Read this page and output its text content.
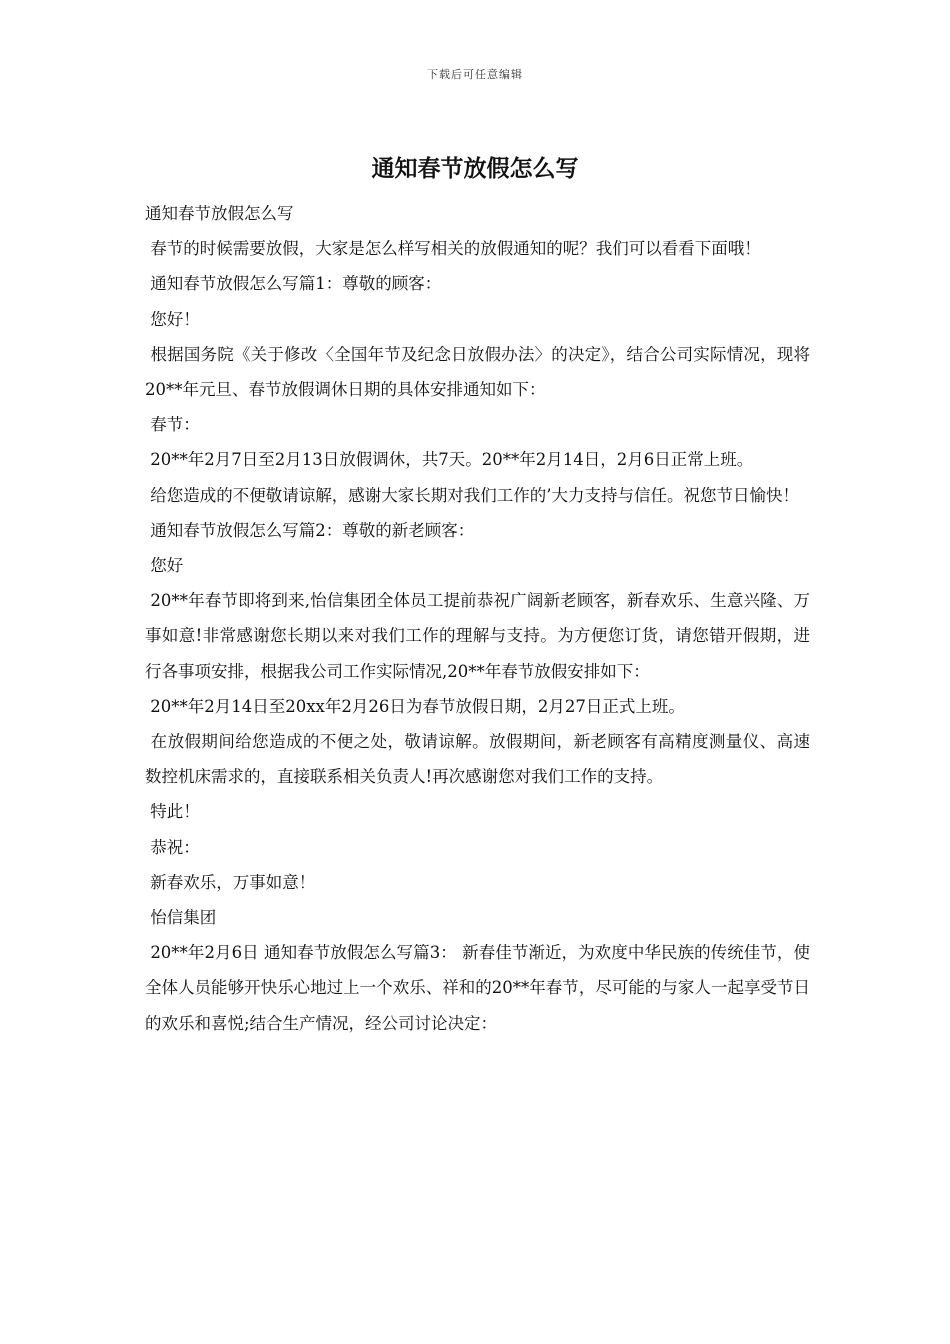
下载后可任意编辑
通知春节放假怎么写

通知春节放假怎么写

春节的时候需要放假，大家是怎么样写相关的放假通知的呢？我们可以看看下面哦！

通知春节放假怎么写篇1：尊敬的顾客：

您好！

根据国务院《关于修改〈全国年节及纪念日放假办法〉的决定》，结合公司实际情况，现将20**年元旦、春节放假调休日期的具体安排通知如下：

春节：

20**年2月7日至2月13日放假调休，共7天。20**年2月14日，2月6日正常上班。

给您造成的不便敬请谅解，感谢大家长期对我们工作的’大力支持与信任。祝您节日愉快！

通知春节放假怎么写篇2：尊敬的新老顾客：

您好

20**年春节即将到来,怡信集团全体员工提前恭祝广阔新老顾客，新春欢乐、生意兴隆、万事如意!非常感谢您长期以来对我们工作的理解与支持。为方便您订货，请您错开假期，进行各事项安排，根据我公司工作实际情况,20**年春节放假安排如下：

20**年2月14日至20xx年2月26日为春节放假日期，2月27日正式上班。

在放假期间给您造成的不便之处，敬请谅解。放假期间，新老顾客有高精度测量仪、高速数控机床需求的，直接联系相关负责人!再次感谢您对我们工作的支持。

特此！

恭祝：

新春欢乐，万事如意！

怡信集团

20**年2月6日 通知春节放假怎么写篇3： 新春佳节渐近，为欢度中华民族的传统佳节，使全体人员能够开快乐心地过上一个欢乐、祥和的20**年春节，尽可能的与家人一起享受节日的欢乐和喜悦;结合生产情况，经公司讨论决定：
